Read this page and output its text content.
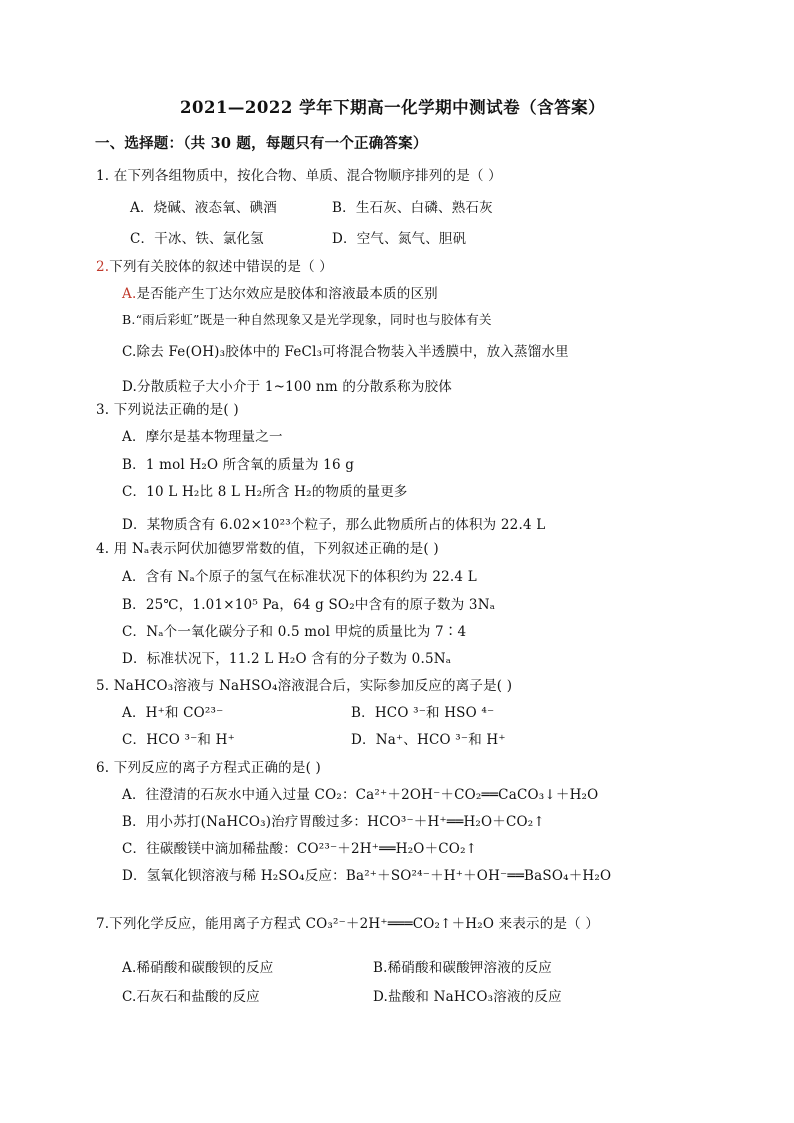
2021—2022 学年下期高一化学期中测试卷（含答案）
一、选择题：（共 30 题，每题只有一个正确答案）
1. 在下列各组物质中，按化合物、单质、混合物顺序排列的是（ ）
A．烧碱、液态氧、碘酒	B．生石灰、白磷、熟石灰
C．干冰、铁、氯化氢	D．空气、氮气、胆矾
2.下列有关胶体的叙述中错误的是（ ）
A.是否能产生丁达尔效应是胶体和溶液最本质的区别
B.“雨后彩虹”既是一种自然现象又是光学现象，同时也与胶体有关
C.除去 Fe(OH)₃胶体中的 FeCl₃可将混合物装入半透膜中，放入蒸馏水里
D.分散质粒子大小介于 1~100 nm 的分散系称为胶体
3. 下列说法正确的是( )
A．摩尔是基本物理量之一
B．1 mol H₂O 所含氧的质量为 16 g
C．10 L H₂比 8 L H₂所含 H₂的物质的量更多
D．某物质含有 6.02×10²³个粒子，那么此物质所占的体积为 22.4 L
4. 用 Nₐ表示阿伏加德罗常数的值，下列叙述正确的是( )
A．含有 Nₐ个原子的氢气在标准状况下的体积约为 22.4 L
B．25℃，1.01×10⁵ Pa，64 g SO₂中含有的原子数为 3Nₐ
C．Nₐ个一氧化碳分子和 0.5 mol 甲烷的质量比为 7∶4
D．标准状况下，11.2 L H₂O 含有的分子数为 0.5Nₐ
5. NaHCO₃溶液与 NaHSO₄溶液混合后，实际参加反应的离子是( )
A．H⁺和 CO²³⁻	B．HCO ³⁻和 HSO ⁴⁻
C．HCO ³⁻和 H⁺	D．Na⁺、HCO ³⁻和 H⁺
6. 下列反应的离子方程式正确的是( )
A．往澄清的石灰水中通入过量 CO₂：Ca²⁺＋2OH⁻＋CO₂══CaCO₃↓＋H₂O
B．用小苏打(NaHCO₃)治疗胃酸过多：HCO³⁻＋H⁺══H₂O＋CO₂↑
C．往碳酸镁中滴加稀盐酸：CO²³⁻＋2H⁺══H₂O＋CO₂↑
D．氢氧化钡溶液与稀 H₂SO₄反应：Ba²⁺＋SO²⁴⁻＋H⁺＋OH⁻══BaSO₄＋H₂O
7.下列化学反应，能用离子方程式 CO₃²⁻＋2H⁺═══CO₂↑＋H₂O 来表示的是（ ）
A.稀硝酸和碳酸钡的反应	B.稀硝酸和碳酸钾溶液的反应
C.石灰石和盐酸的反应	D.盐酸和 NaHCO₃溶液的反应
